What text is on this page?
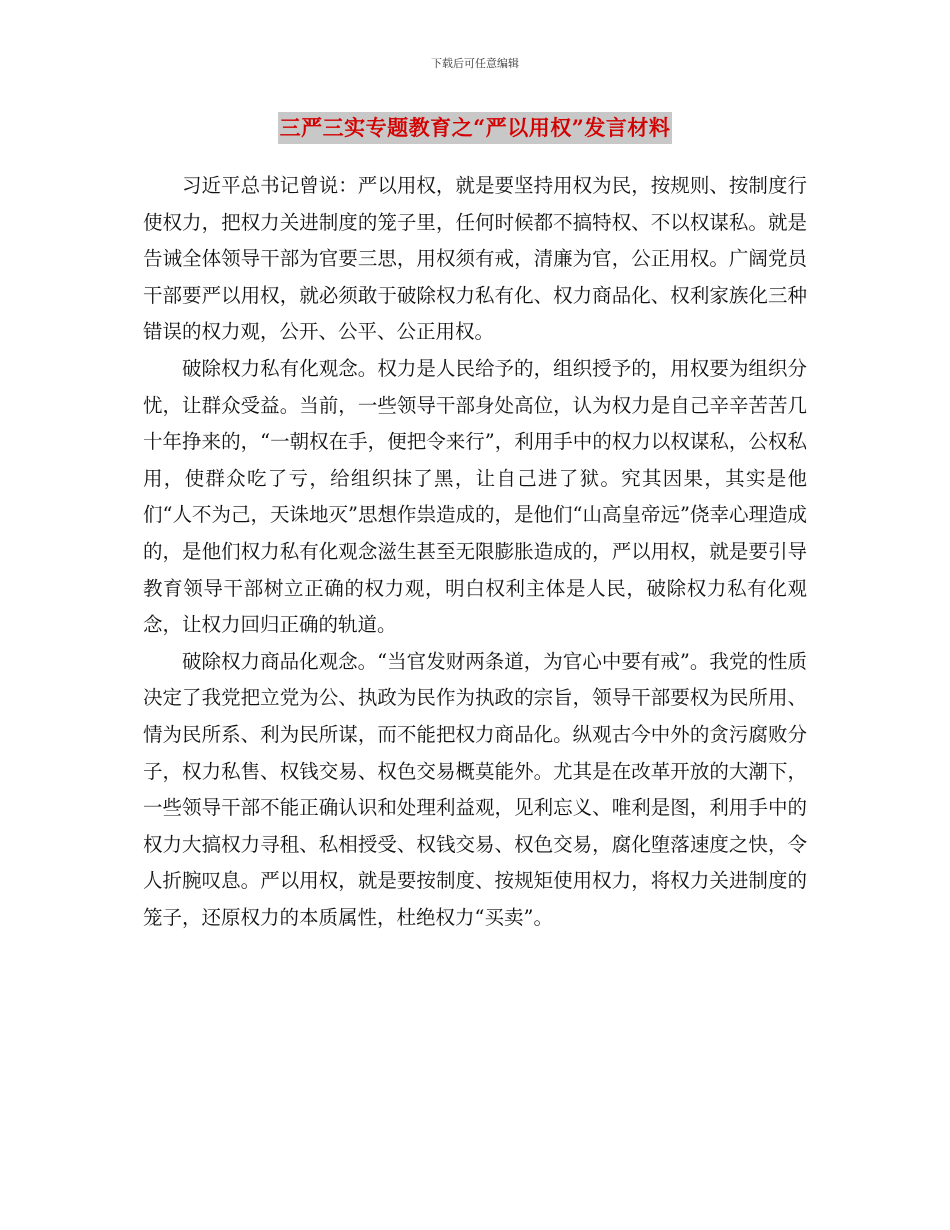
下载后可任意编辑
三严三实专题教育之“严以用权”发言材料

习近平总书记曾说：严以用权，就是要坚持用权为民，按规则、按制度行使权力，把权力关进制度的笼子里，任何时候都不搞特权、不以权谋私。就是告诫全体领导干部为官要三思，用权须有戒，清廉为官，公正用权。广阔党员干部要严以用权，就必须敢于破除权力私有化、权力商品化、权利家族化三种错误的权力观，公开、公平、公正用权。

破除权力私有化观念。权力是人民给予的，组织授予的，用权要为组织分忧，让群众受益。当前，一些领导干部身处高位，认为权力是自己辛辛苦苦几十年挣来的，“一朝权在手，便把令来行”，利用手中的权力以权谋私，公权私用，使群众吃了亏，给组织抹了黑，让自己进了狱。究其因果，其实是他们“人不为己，天诛地灭”思想作祟造成的，是他们“山高皇帝远”侥幸心理造成的，是他们权力私有化观念滋生甚至无限膨胀造成的，严以用权，就是要引导教育领导干部树立正确的权力观，明白权利主体是人民，破除权力私有化观念，让权力回归正确的轨道。

破除权力商品化观念。“当官发财两条道，为官心中要有戒”。我党的性质决定了我党把立党为公、执政为民作为执政的宗旨，领导干部要权为民所用、情为民所系、利为民所谋，而不能把权力商品化。纵观古今中外的贪污腐败分子，权力私售、权钱交易、权色交易概莫能外。尤其是在改革开放的大潮下，一些领导干部不能正确认识和处理利益观，见利忘义、唯利是图，利用手中的权力大搞权力寻租、私相授受、权钱交易、权色交易，腐化堕落速度之快，令人折腕叹息。严以用权，就是要按制度、按规矩使用权力，将权力关进制度的笼子，还原权力的本质属性，杜绝权力“买卖”。
